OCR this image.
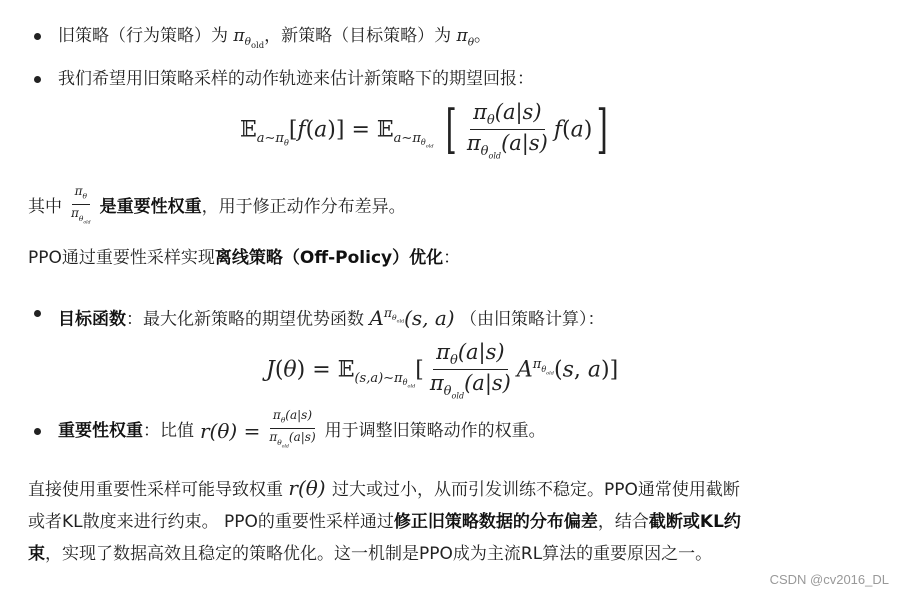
旧策略（行为策略）为 $\pi_{\theta_{old}}$，新策略（目标策略）为 $\pi_\theta$。
我们希望用旧策略采样的动作轨迹来估计新策略下的期望回报：
𝔼$_{a\sim\pi_\theta}$[f(a)] = 𝔼$_{a\sim\pi_{\theta_{old}}}$ [ $\frac{\pi_\theta(a|s)}{\pi_{\theta_{old}}(a|s)} f(a)$]
其中 $\frac{\pi_\theta}{\pi_{\theta_{old}}}$ 是重要性权重 ，用于修正动作分布差异。
PPO通过重要性采样实现离线策略（Off-Policy）优化：
目标函数：最大化新策略的期望优势函数 $A^{\pi_{\theta_{old}}}(s$, a) （由旧策略计算）：
J(θ) = 𝔼$_{(s,a)\sim\pi_{\theta_{old}}}$[ $\frac{\pi_\theta(a|s)}{\pi_{\theta_{old}}(a|s)} A^{\pi_{\theta_{old}}}(s$, a)]
重要性权重 ：比值 $r(\theta) = \frac{\pi_\theta(a|s)}{\pi_{\theta_{old}}(a|s)}$ 用于调整旧策略动作的权重。
直接使用重要性采样可能导致权重 r(θ) 过大或过小，从而引发训练不稳定。PPO通常使用截断
或者KL散度来进行约束。 PPO的重要性采样通过修正旧策略数据的分布偏差，结合截断或KL约
束，实现了数据高效且稳定的策略优化。这一机制是PPO成为主流RL算法的重要原因之一。
CSDN @cv2016_DL
